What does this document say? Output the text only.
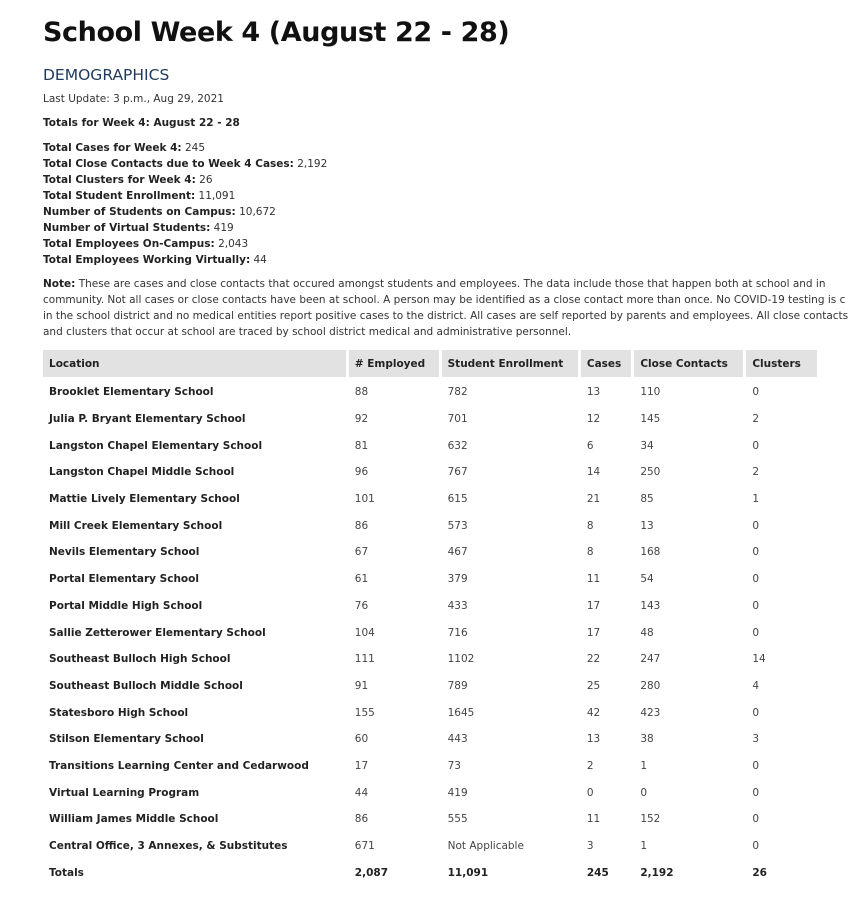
School Week 4 (August 22 - 28)
DEMOGRAPHICS
Last Update: 3 p.m., Aug 29, 2021
Totals for Week 4: August 22 - 28
Total Cases for Week 4: 245
Total Close Contacts due to Week 4 Cases: 2,192
Total Clusters for Week 4: 26
Total Student Enrollment: 11,091
Number of Students on Campus: 10,672
Number of Virtual Students: 419
Total Employees On-Campus: 2,043
Total Employees Working Virtually: 44
Note: These are cases and close contacts that occured amongst students and employees. The data include those that happen both at school and in
community. Not all cases or close contacts have been at school. A person may be identified as a close contact more than once. No COVID-19 testing is c
in the school district and no medical entities report positive cases to the district. All cases are self reported by parents and employees. All close contacts
and clusters that occur at school are traced by school district medical and administrative personnel.
Location	# Employed	Student Enrollment	Cases	Close Contacts	Clusters
Brooklet Elementary School	88	782	13	110	0
Julia P. Bryant Elementary School	92	701	12	145	2
Langston Chapel Elementary School	81	632	6	34	0
Langston Chapel Middle School	96	767	14	250	2
Mattie Lively Elementary School	101	615	21	85	1
Mill Creek Elementary School	86	573	8	13	0
Nevils Elementary School	67	467	8	168	0
Portal Elementary School	61	379	11	54	0
Portal Middle High School	76	433	17	143	0
Sallie Zetterower Elementary School	104	716	17	48	0
Southeast Bulloch High School	111	1102	22	247	14
Southeast Bulloch Middle School	91	789	25	280	4
Statesboro High School	155	1645	42	423	0
Stilson Elementary School	60	443	13	38	3
Transitions Learning Center and Cedarwood	17	73	2	1	0
Virtual Learning Program	44	419	0	0	0
William James Middle School	86	555	11	152	0
Central Office, 3 Annexes, & Substitutes	671	Not Applicable	3	1	0
Totals	2,087	11,091	245	2,192	26
